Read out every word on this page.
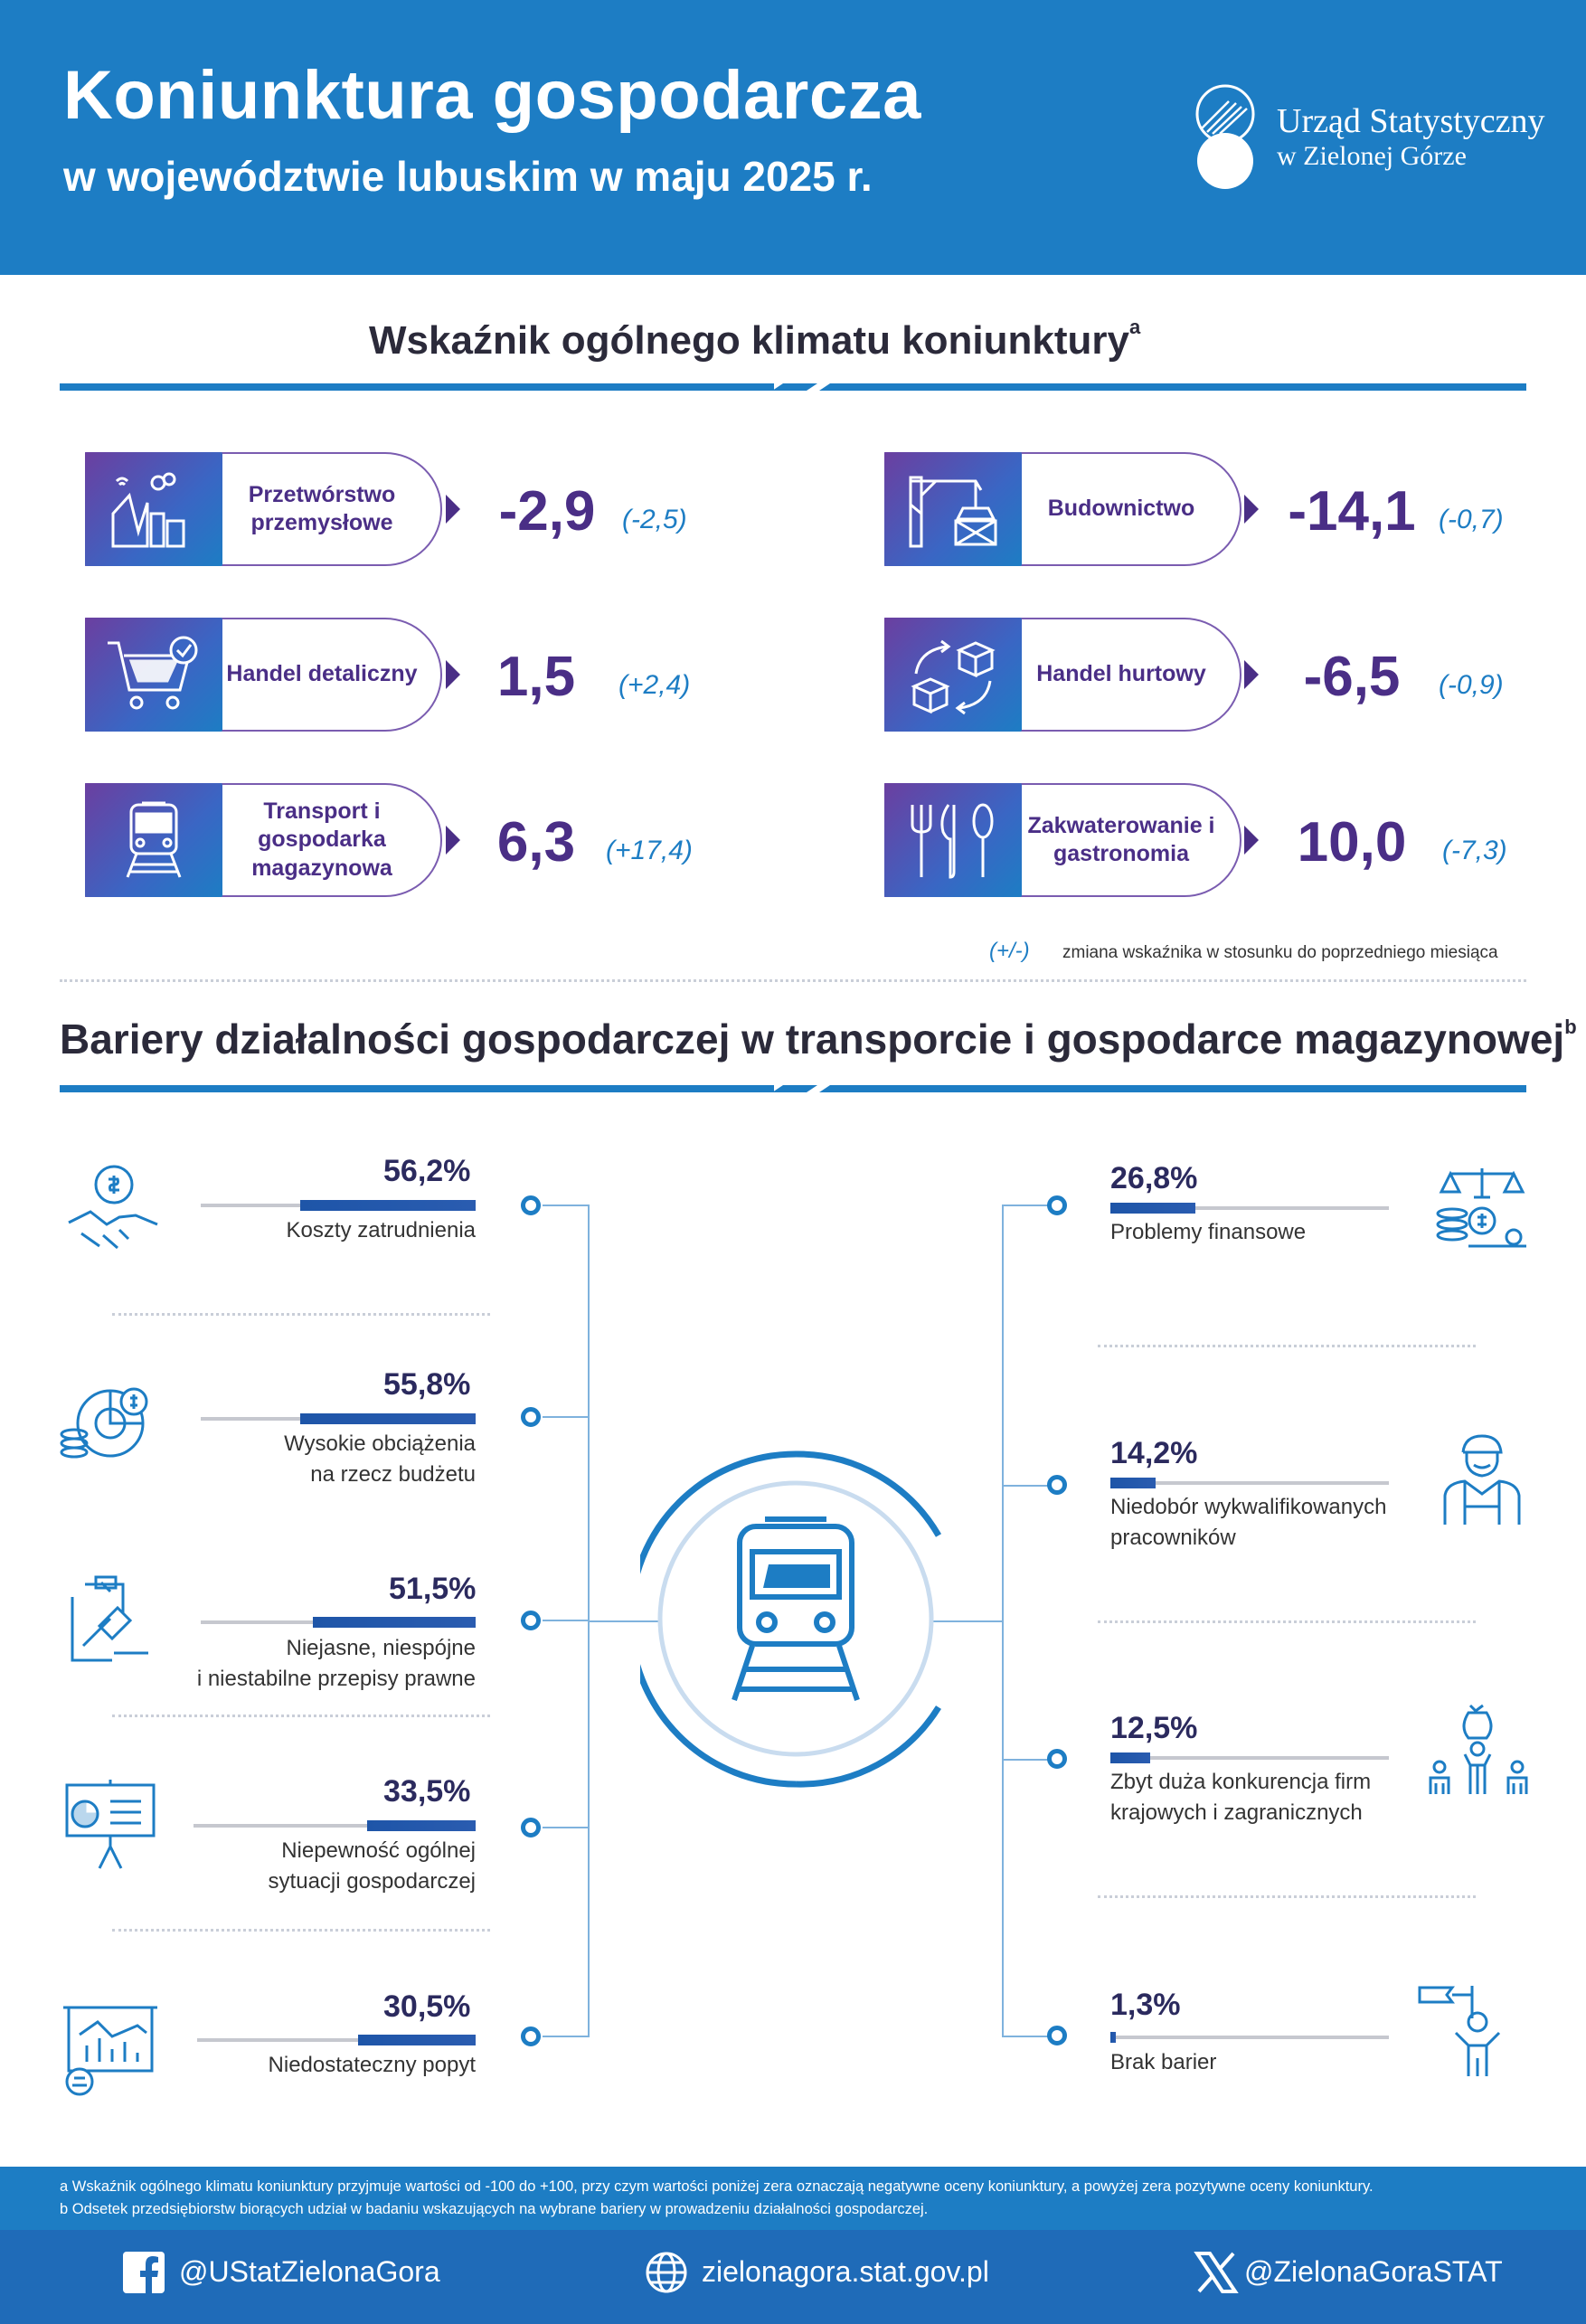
Koniunktura gospodarcza
w województwie lubuskim w maju 2025 r.
Urząd Statystyczny
w Zielonej Górze
Wskaźnik ogólnego klimatu koniunktury$^a$
Przetwórstwo przemysłowe	-2,9 (-2,5)	Budownictwo	-14,1 (-0,7)
Handel detaliczny	1,5	(+2,4)	Handel hurtowy	-6,5	(-0,9)
Transport i gospodarka magazynowa	6,3	(+17,4)
Zakwaterowanie i gastronomia	10,0	(-7,3)
(+/-) zmiana wskaźnika w stosunku do poprzedniego miesiąca
Bariery działalności gospodarczej w transporcie i gospodarce magazynowej$^b$
56,2%
Koszty zatrudnienia
55,8%
Wysokie obciążenia
na rzecz budżetu
51,5%
Niejasne, niespójne
i niestabilne przepisy prawne
33,5%
Niepewność ogólnej
sytuacji gospodarczej
30,5%
Niedostateczny popyt
26,8%
Problemy finansowe
14,2%
Niedobór wykwalifikowanych
pracowników
12,5%
Zbyt duża konkurencja firm
krajowych i zagranicznych
1,3%
Brak barier
a Wskaźnik ogólnego klimatu koniunktury przyjmuje wartości od -100 do +100, przy czym wartości poniżej zera oznaczają negatywne oceny koniunktury, a powyżej zera pozytywne oceny koniunktury.
b Odsetek przedsiębiorstw biorących udział w badaniu wskazujących na wybrane bariery w prowadzeniu działalności gospodarczej.
@UStatZielonaGora	zielonagora.stat.gov.pl	@ZielonaGoraSTAT
